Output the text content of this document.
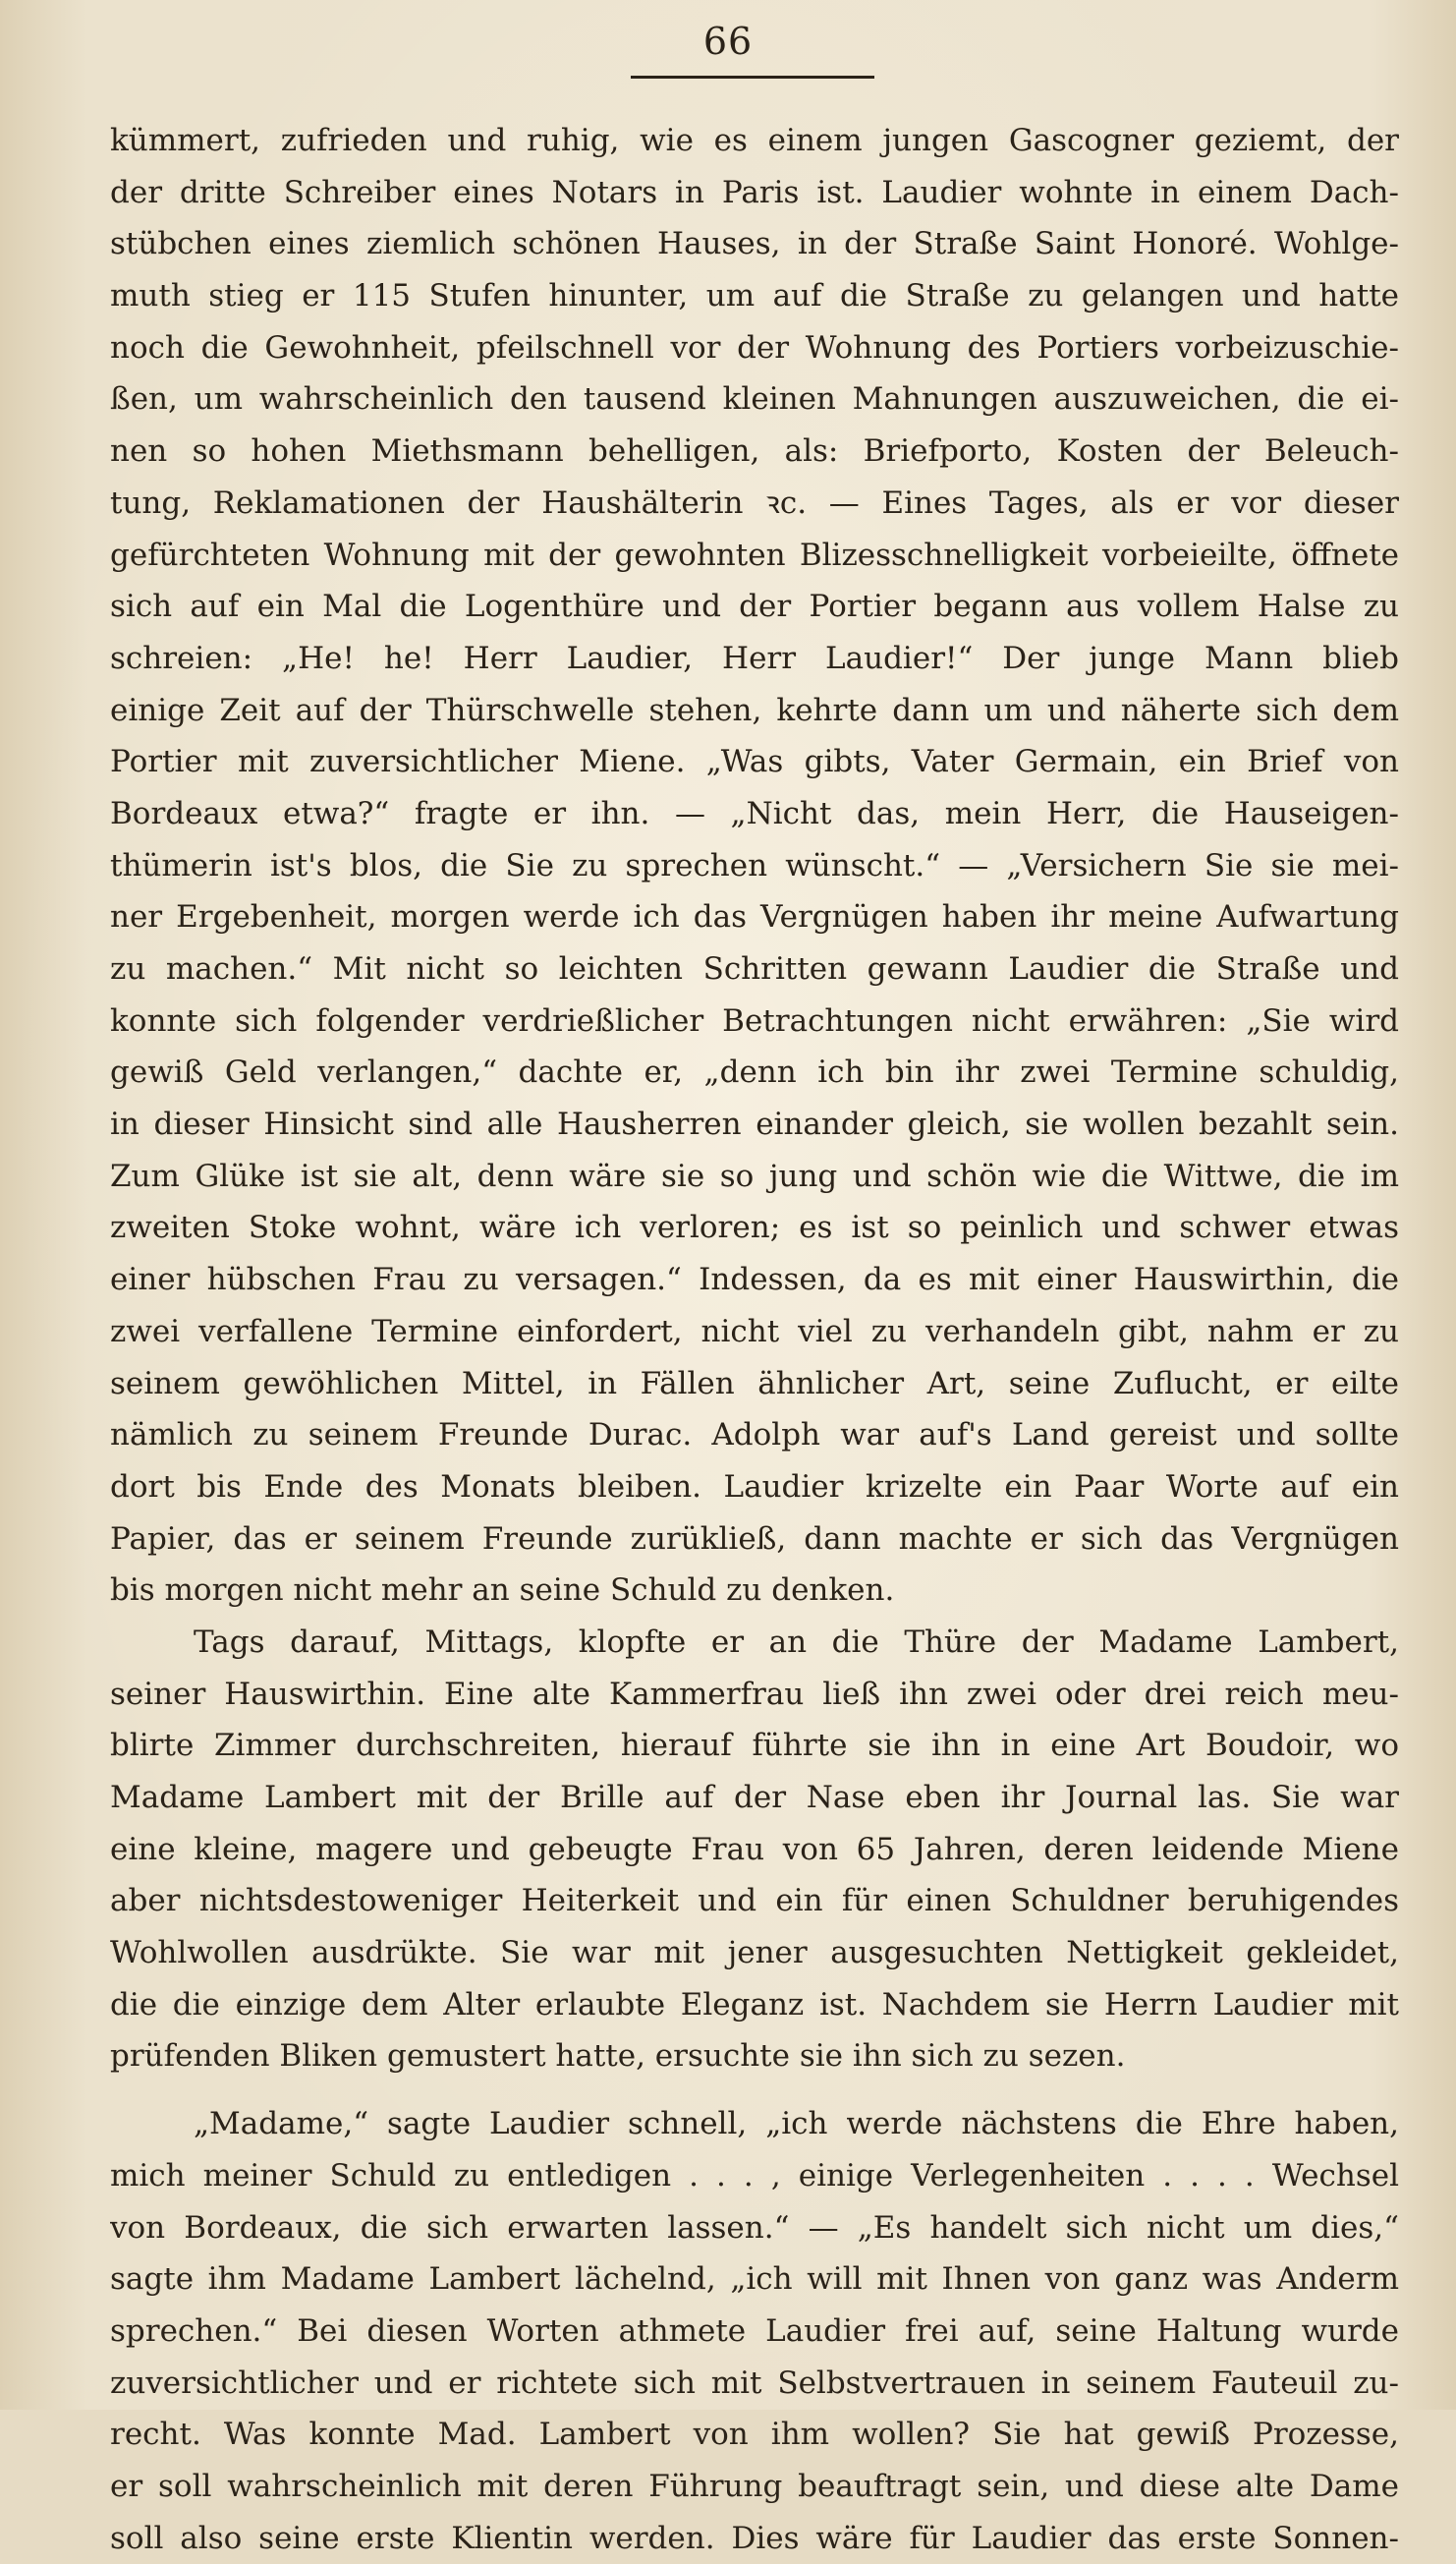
66
kümmert, zufrieden und ruhig, wie es einem jungen Gascogner geziemt, der
der dritte Schreiber eines Notars in Paris ist. Laudier wohnte in einem Dach-
stübchen eines ziemlich schönen Hauses, in der Straße Saint Honoré. Wohlge-
muth stieg er 115 Stufen hinunter, um auf die Straße zu gelangen und hatte
noch die Gewohnheit, pfeilschnell vor der Wohnung des Portiers vorbeizuschie-
ßen, um wahrscheinlich den tausend kleinen Mahnungen auszuweichen, die ei-
nen so hohen Miethsmann behelligen, als: Briefporto, Kosten der Beleuch-
tung, Reklamationen der Haushälterin ꝛc. — Eines Tages, als er vor dieser
gefürchteten Wohnung mit der gewohnten Blizesschnelligkeit vorbeieilte, öffnete
sich auf ein Mal die Logenthüre und der Portier begann aus vollem Halse zu
schreien: „He! he! Herr Laudier, Herr Laudier!“ Der junge Mann blieb
einige Zeit auf der Thürschwelle stehen, kehrte dann um und näherte sich dem
Portier mit zuversichtlicher Miene. „Was gibts, Vater Germain, ein Brief von
Bordeaux etwa?“ fragte er ihn. — „Nicht das, mein Herr, die Hauseigen-
thümerin ist's blos, die Sie zu sprechen wünscht.“ — „Versichern Sie sie mei-
ner Ergebenheit, morgen werde ich das Vergnügen haben ihr meine Aufwartung
zu machen.“ Mit nicht so leichten Schritten gewann Laudier die Straße und
konnte sich folgender verdrießlicher Betrachtungen nicht erwähren: „Sie wird
gewiß Geld verlangen,“ dachte er, „denn ich bin ihr zwei Termine schuldig,
in dieser Hinsicht sind alle Hausherren einander gleich, sie wollen bezahlt sein.
Zum Glüke ist sie alt, denn wäre sie so jung und schön wie die Wittwe, die im
zweiten Stoke wohnt, wäre ich verloren; es ist so peinlich und schwer etwas
einer hübschen Frau zu versagen.“ Indessen, da es mit einer Hauswirthin, die
zwei verfallene Termine einfordert, nicht viel zu verhandeln gibt, nahm er zu
seinem gewöhlichen Mittel, in Fällen ähnlicher Art, seine Zuflucht, er eilte
nämlich zu seinem Freunde Durac. Adolph war auf's Land gereist und sollte
dort bis Ende des Monats bleiben. Laudier krizelte ein Paar Worte auf ein
Papier, das er seinem Freunde zurükließ, dann machte er sich das Vergnügen
bis morgen nicht mehr an seine Schuld zu denken.
Tags darauf, Mittags, klopfte er an die Thüre der Madame Lambert,
seiner Hauswirthin. Eine alte Kammerfrau ließ ihn zwei oder drei reich meu-
blirte Zimmer durchschreiten, hierauf führte sie ihn in eine Art Boudoir, wo
Madame Lambert mit der Brille auf der Nase eben ihr Journal las. Sie war
eine kleine, magere und gebeugte Frau von 65 Jahren, deren leidende Miene
aber nichtsdestoweniger Heiterkeit und ein für einen Schuldner beruhigendes
Wohlwollen ausdrükte. Sie war mit jener ausgesuchten Nettigkeit gekleidet,
die die einzige dem Alter erlaubte Eleganz ist. Nachdem sie Herrn Laudier mit
prüfenden Bliken gemustert hatte, ersuchte sie ihn sich zu sezen.
„Madame,“ sagte Laudier schnell, „ich werde nächstens die Ehre haben,
mich meiner Schuld zu entledigen . . . , einige Verlegenheiten . . . . Wechsel
von Bordeaux, die sich erwarten lassen.“ — „Es handelt sich nicht um dies,“
sagte ihm Madame Lambert lächelnd, „ich will mit Ihnen von ganz was Anderm
sprechen.“ Bei diesen Worten athmete Laudier frei auf, seine Haltung wurde
zuversichtlicher und er richtete sich mit Selbstvertrauen in seinem Fauteuil zu-
recht. Was konnte Mad. Lambert von ihm wollen? Sie hat gewiß Prozesse,
er soll wahrscheinlich mit deren Führung beauftragt sein, und diese alte Dame
soll also seine erste Klientin werden. Dies wäre für Laudier das erste Sonnen-
